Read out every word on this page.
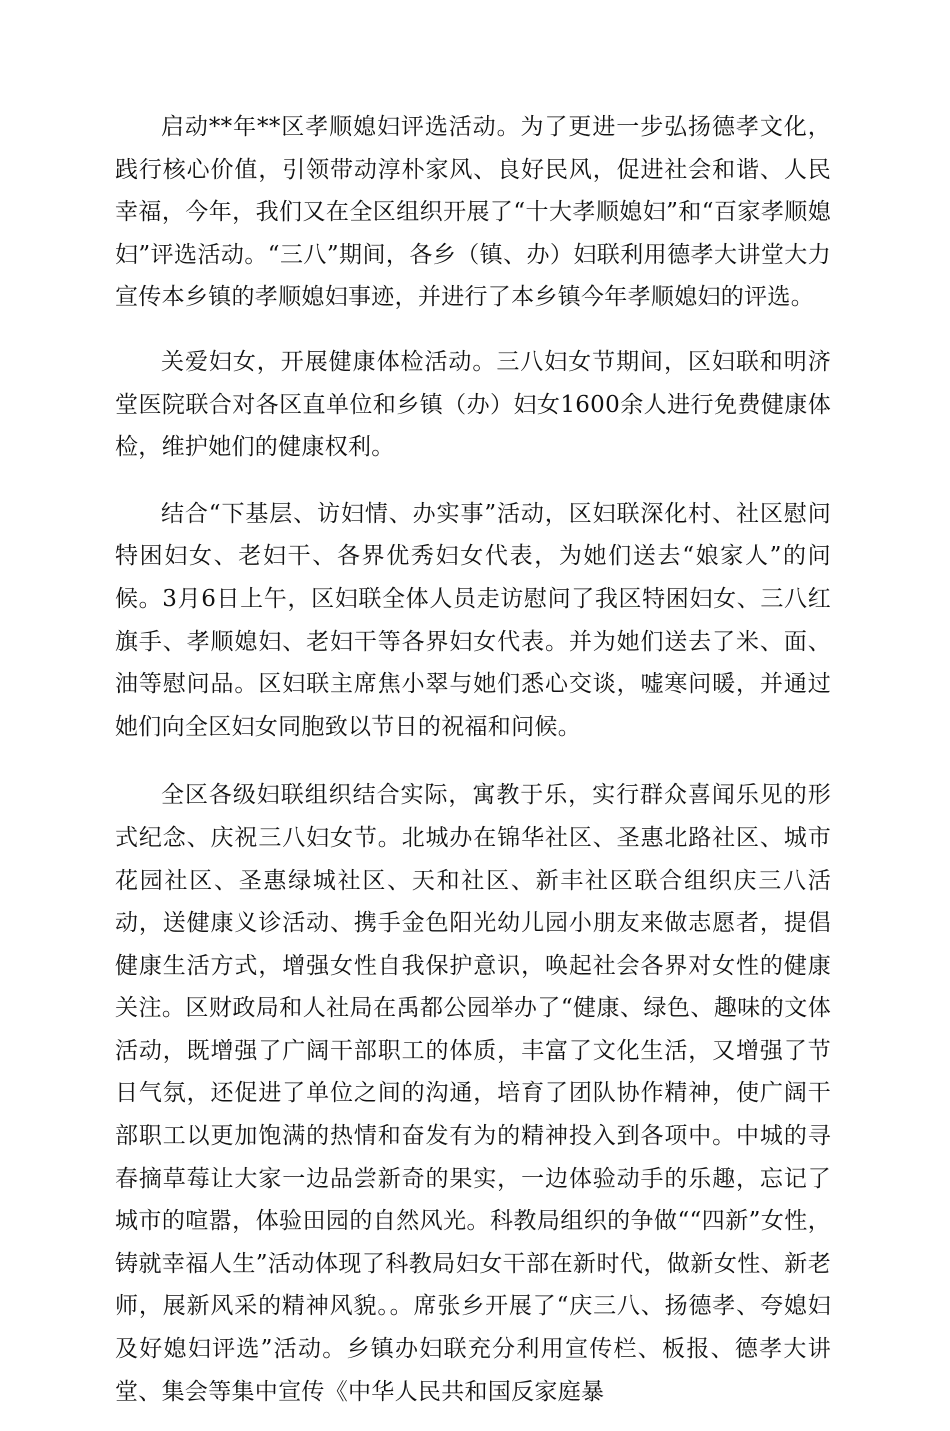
启动**年**区孝顺媳妇评选活动。为了更进一步弘扬德孝文化，践行核心价值，引领带动淳朴家风、良好民风，促进社会和谐、人民幸福，今年，我们又在全区组织开展了“十大孝顺媳妇”和“百家孝顺媳妇”评选活动。“三八”期间，各乡（镇、办）妇联利用德孝大讲堂大力宣传本乡镇的孝顺媳妇事迹，并进行了本乡镇今年孝顺媳妇的评选。

关爱妇女，开展健康体检活动。三八妇女节期间，区妇联和明济堂医院联合对各区直单位和乡镇（办）妇女1600余人进行免费健康体检，维护她们的健康权利。

结合“下基层、访妇情、办实事”活动，区妇联深化村、社区慰问特困妇女、老妇干、各界优秀妇女代表，为她们送去“娘家人”的问候。3月6日上午，区妇联全体人员走访慰问了我区特困妇女、三八红旗手、孝顺媳妇、老妇干等各界妇女代表。并为她们送去了米、面、油等慰问品。区妇联主席焦小翠与她们悉心交谈，嘘寒问暖，并通过她们向全区妇女同胞致以节日的祝福和问候。

全区各级妇联组织结合实际，寓教于乐，实行群众喜闻乐见的形式纪念、庆祝三八妇女节。北城办在锦华社区、圣惠北路社区、城市花园社区、圣惠绿城社区、天和社区、新丰社区联合组织庆三八活动，送健康义诊活动、携手金色阳光幼儿园小朋友来做志愿者，提倡健康生活方式，增强女性自我保护意识，唤起社会各界对女性的健康关注。区财政局和人社局在禹都公园举办了“健康、绿色、趣味的文体活动，既增强了广阔干部职工的体质，丰富了文化生活，又增强了节日气氛，还促进了单位之间的沟通，培育了团队协作精神，使广阔干部职工以更加饱满的热情和奋发有为的精神投入到各项中。中城的寻春摘草莓让大家一边品尝新奇的果实，一边体验动手的乐趣，忘记了城市的喧嚣，体验田园的自然风光。科教局组织的争做““四新”女性，铸就幸福人生”活动体现了科教局妇女干部在新时代，做新女性、新老师，展新风采的精神风貌。。席张乡开展了“庆三八、扬德孝、夸媳妇及好媳妇评选”活动。乡镇办妇联充分利用宣传栏、板报、德孝大讲堂、集会等集中宣传《中华人民共和国反家庭暴
